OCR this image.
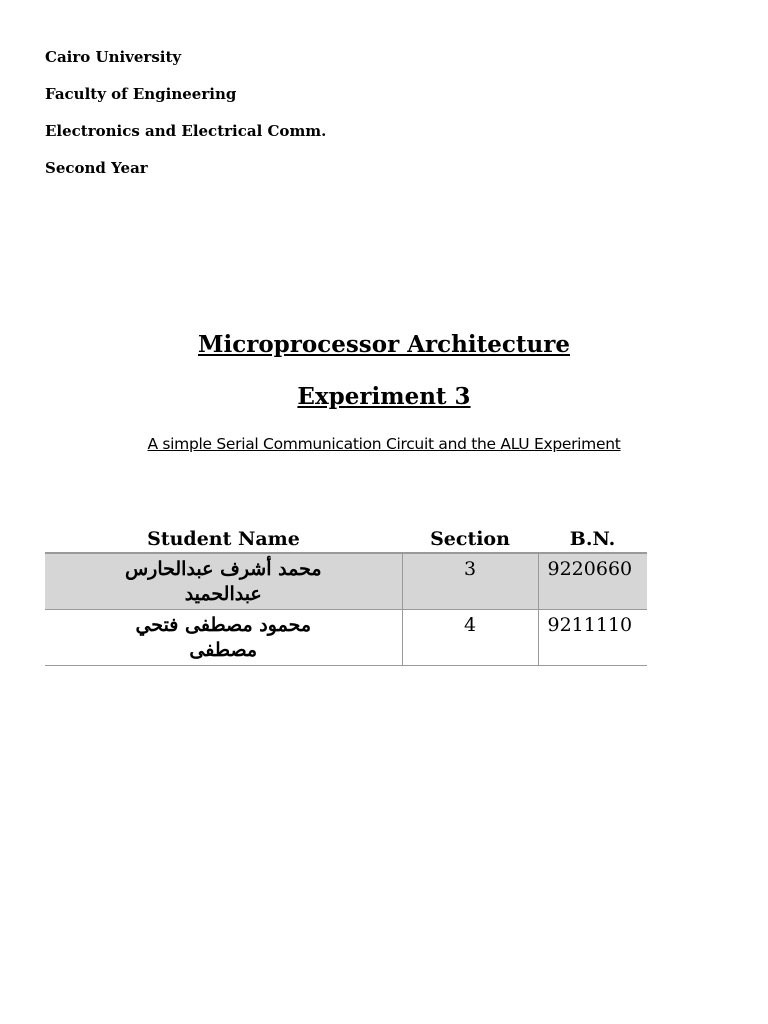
Cairo University
Faculty of Engineering
Electronics and Electrical Comm.
Second Year
Microprocessor Architecture
Experiment 3
A simple Serial Communication Circuit and the ALU Experiment
Student Name	Section	B.N.

محمد أشرف عبدالحارس
عبدالحميد	3	9220660

محمود مصطفى فتحي
مصطفى	4	9211110
